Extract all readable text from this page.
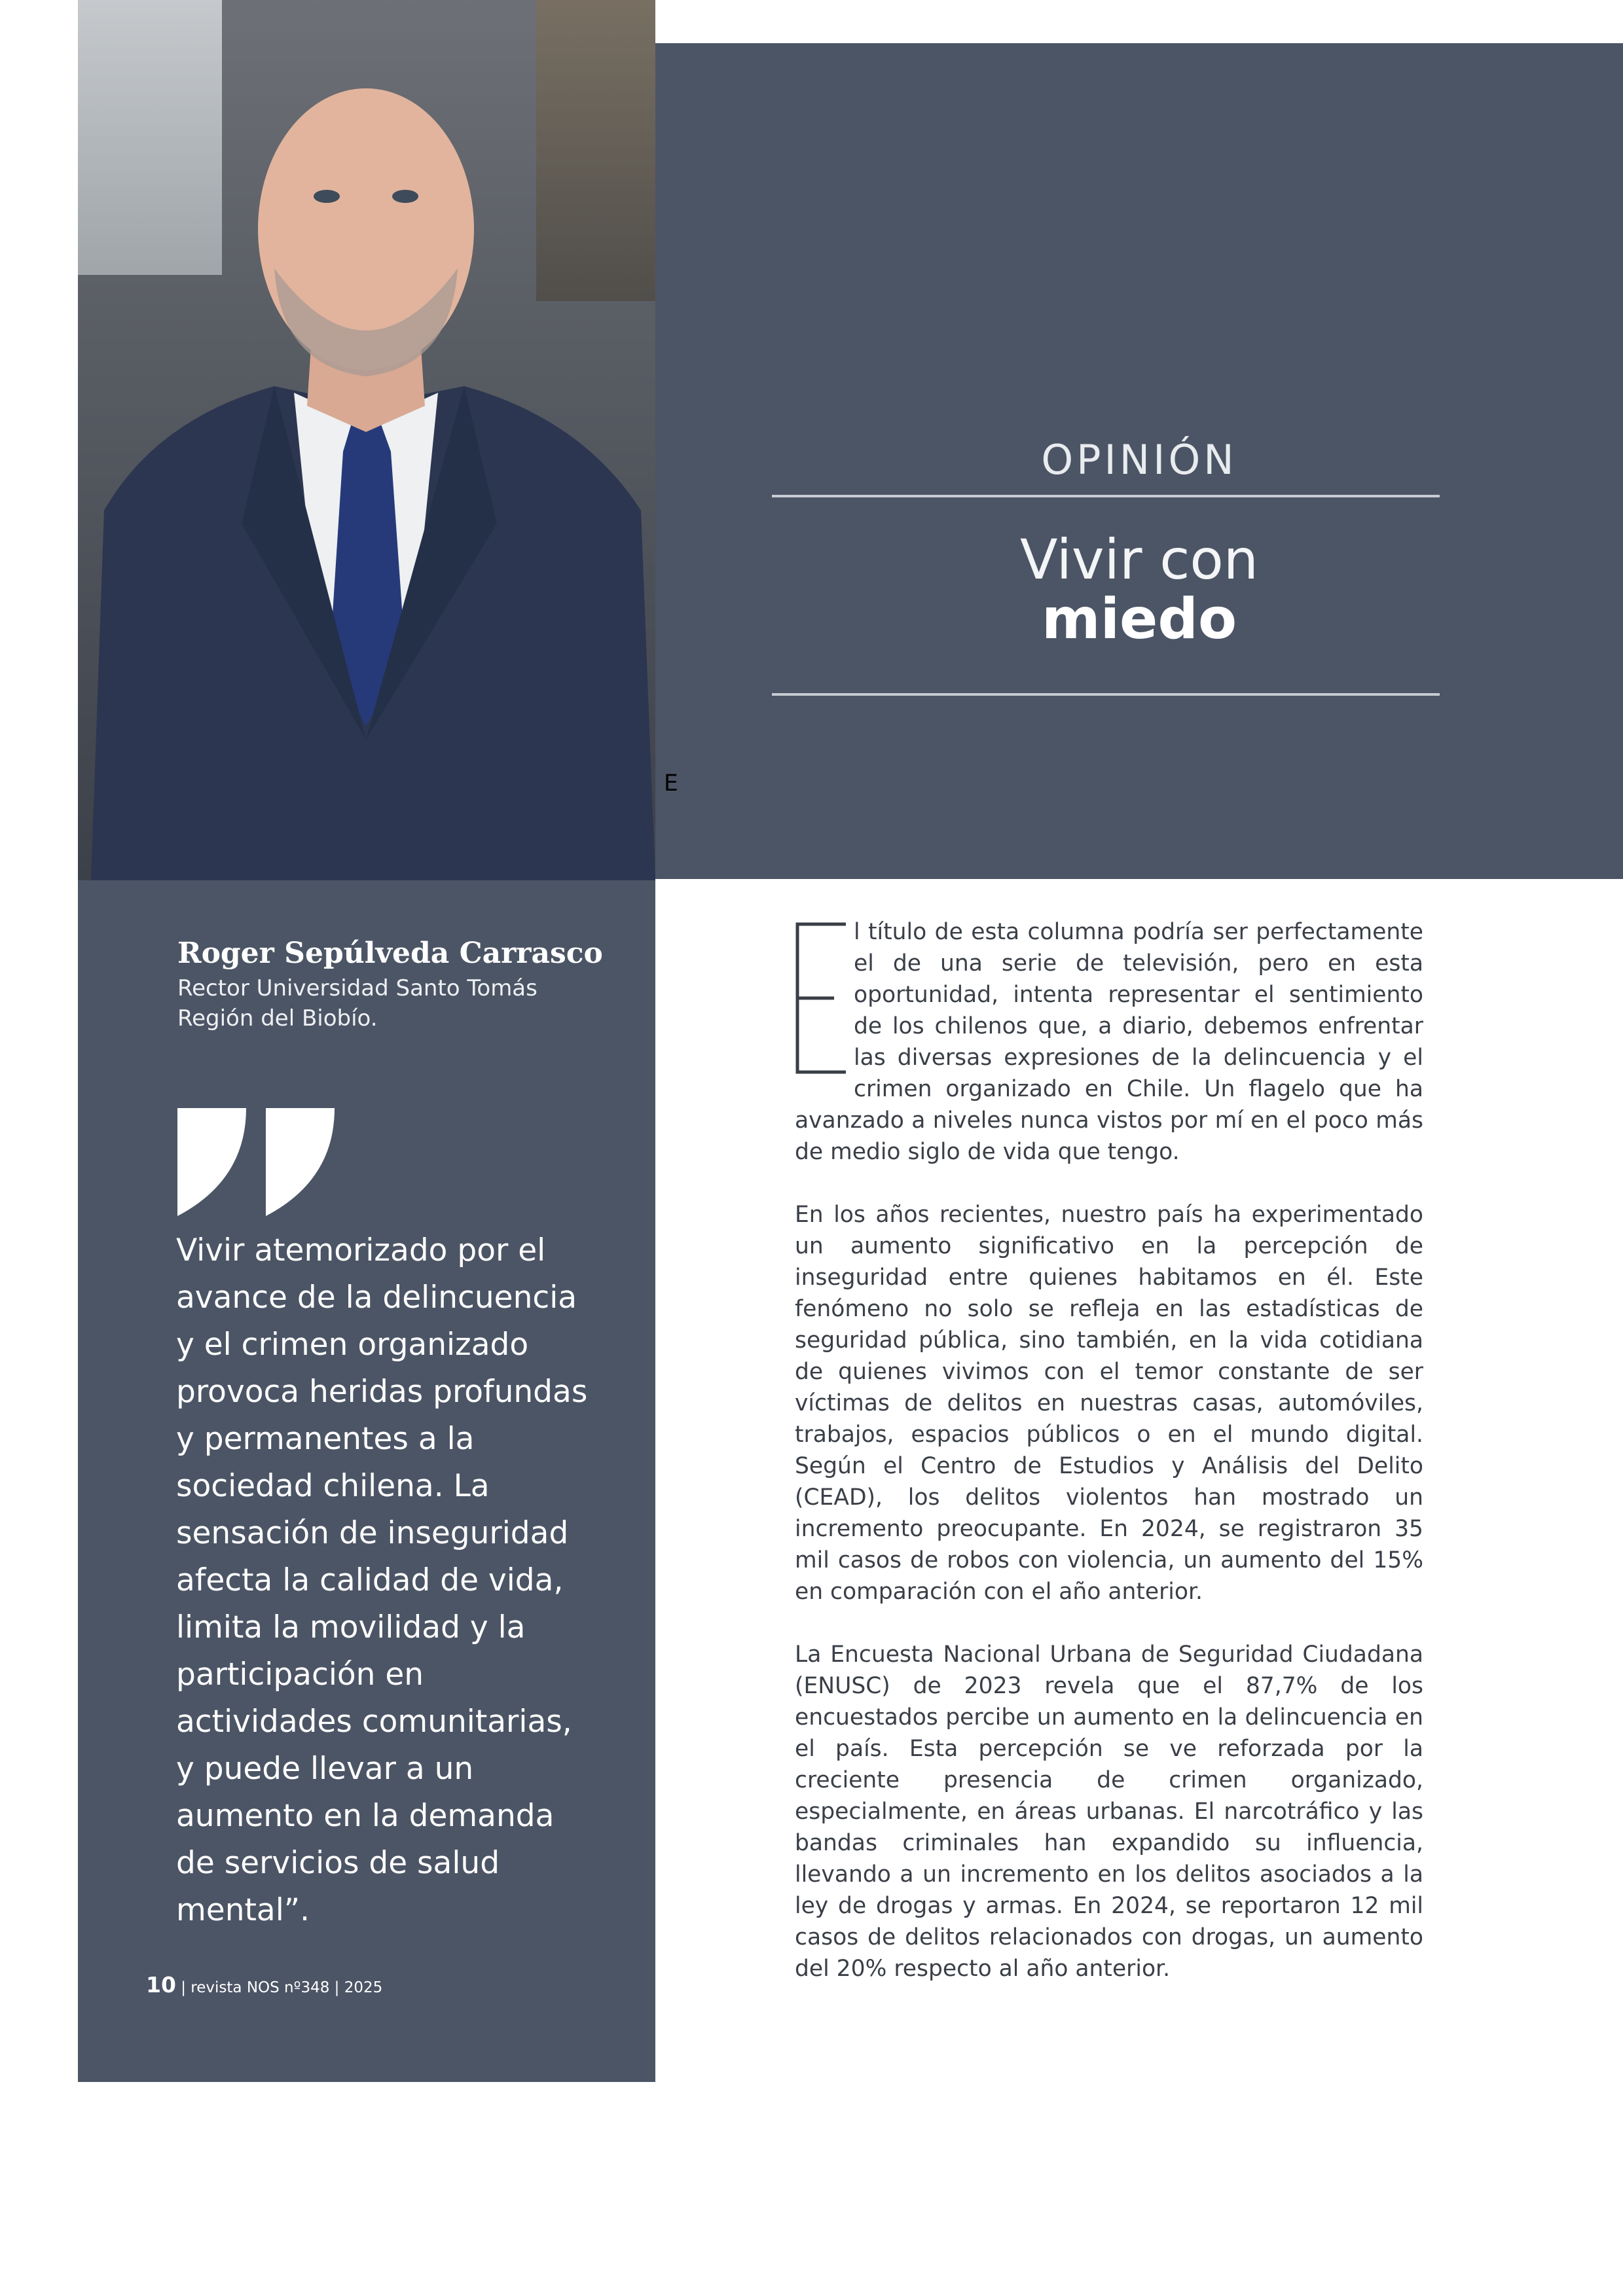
OPINIÓN
Vivir con
miedo
Roger Sepúlveda Carrasco
Rector Universidad Santo Tomás
Región del Biobío.
Vivir atemorizado por el avance de la delincuencia y el crimen organizado provoca heridas profundas y permanentes a la sociedad chilena. La sensación de inseguridad afecta la calidad de vida, limita la movilidad y la participación en actividades comunitarias, y puede llevar a un aumento en la demanda de servicios de salud mental”.
10 | revista NOS nº348 | 2025

E
l título de esta columna podría ser perfectamente el de una serie de televisión, pero en esta oportunidad, intenta representar el sentimiento de los chilenos que, a diario, debemos enfrentar las diversas expresiones de la delincuencia y el crimen organizado en Chile. Un flagelo que ha avanzado a niveles nunca vistos por mí en el poco más de medio siglo de vida que tengo.

En los años recientes, nuestro país ha experimentado un aumento significativo en la percepción de inseguridad entre quienes habitamos en él. Este fenómeno no solo se refleja en las estadísticas de seguridad pública, sino también, en la vida cotidiana de quienes vivimos con el temor constante de ser víctimas de delitos en nuestras casas, automóviles, trabajos, espacios públicos o en el mundo digital. Según el Centro de Estudios y Análisis del Delito (CEAD), los delitos violentos han mostrado un incremento preocupante. En 2024, se registraron 35 mil casos de robos con violencia, un aumento del 15% en comparación con el año anterior.

La Encuesta Nacional Urbana de Seguridad Ciudadana (ENUSC) de 2023 revela que el 87,7% de los encuestados percibe un aumento en la delincuencia en el país. Esta percepción se ve reforzada por la creciente presencia de crimen organizado, especialmente, en áreas urbanas. El narcotráfico y las bandas criminales han expandido su influencia, llevando a un incremento en los delitos asociados a la ley de drogas y armas. En 2024, se reportaron 12 mil casos de delitos relacionados con drogas, un aumento del 20% respecto al año anterior.
